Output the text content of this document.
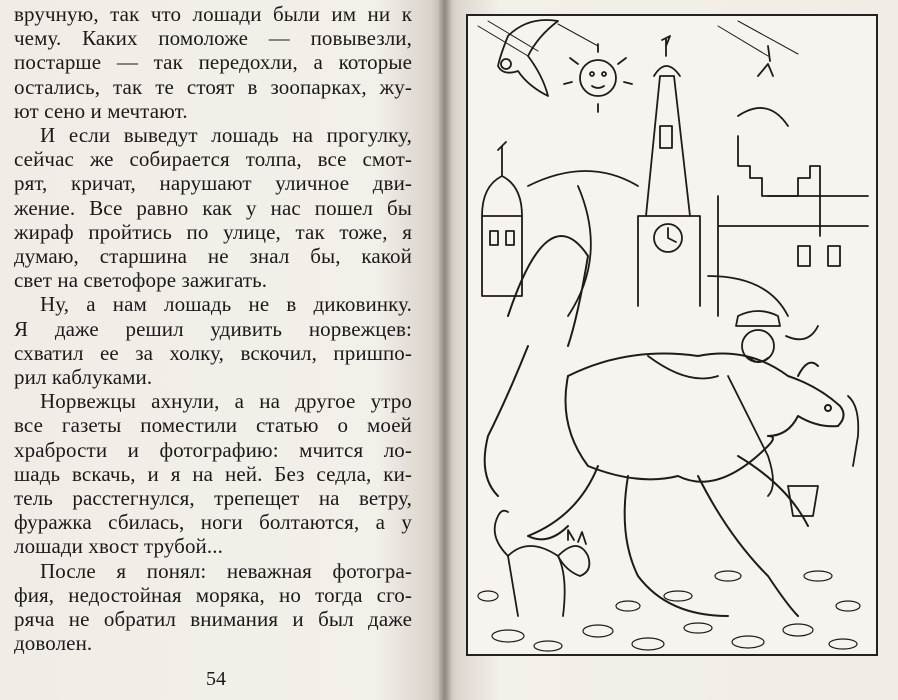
вручную, так что лошади были им ни к
чему. Каких помоложе — повывезли,
постарше — так передохли, а которые
остались, так те стоят в зоопарках, жу-
ют сено и мечтают.
И если выведут лошадь на прогулку,
сейчас же собирается толпа, все смот-
рят, кричат, нарушают уличное дви-
жение. Все равно как у нас пошел бы
жираф пройтись по улице, так тоже, я
думаю, старшина не знал бы, какой
свет на светофоре зажигать.
Ну, а нам лошадь не в диковинку.
Я даже решил удивить норвежцев:
схватил ее за холку, вскочил, пришпо-
рил каблуками.
Норвежцы ахнули, а на другое утро
все газеты поместили статью о моей
храбрости и фотографию: мчится ло-
шадь вскачь, и я на ней. Без седла, ки-
тель расстегнулся, трепещет на ветру,
фуражка сбилась, ноги болтаются, а у
лошади хвост трубой...
После я понял: неважная фотогра-
фия, недостойная моряка, но тогда сго-
ряча не обратил внимания и был даже
доволен.
54
